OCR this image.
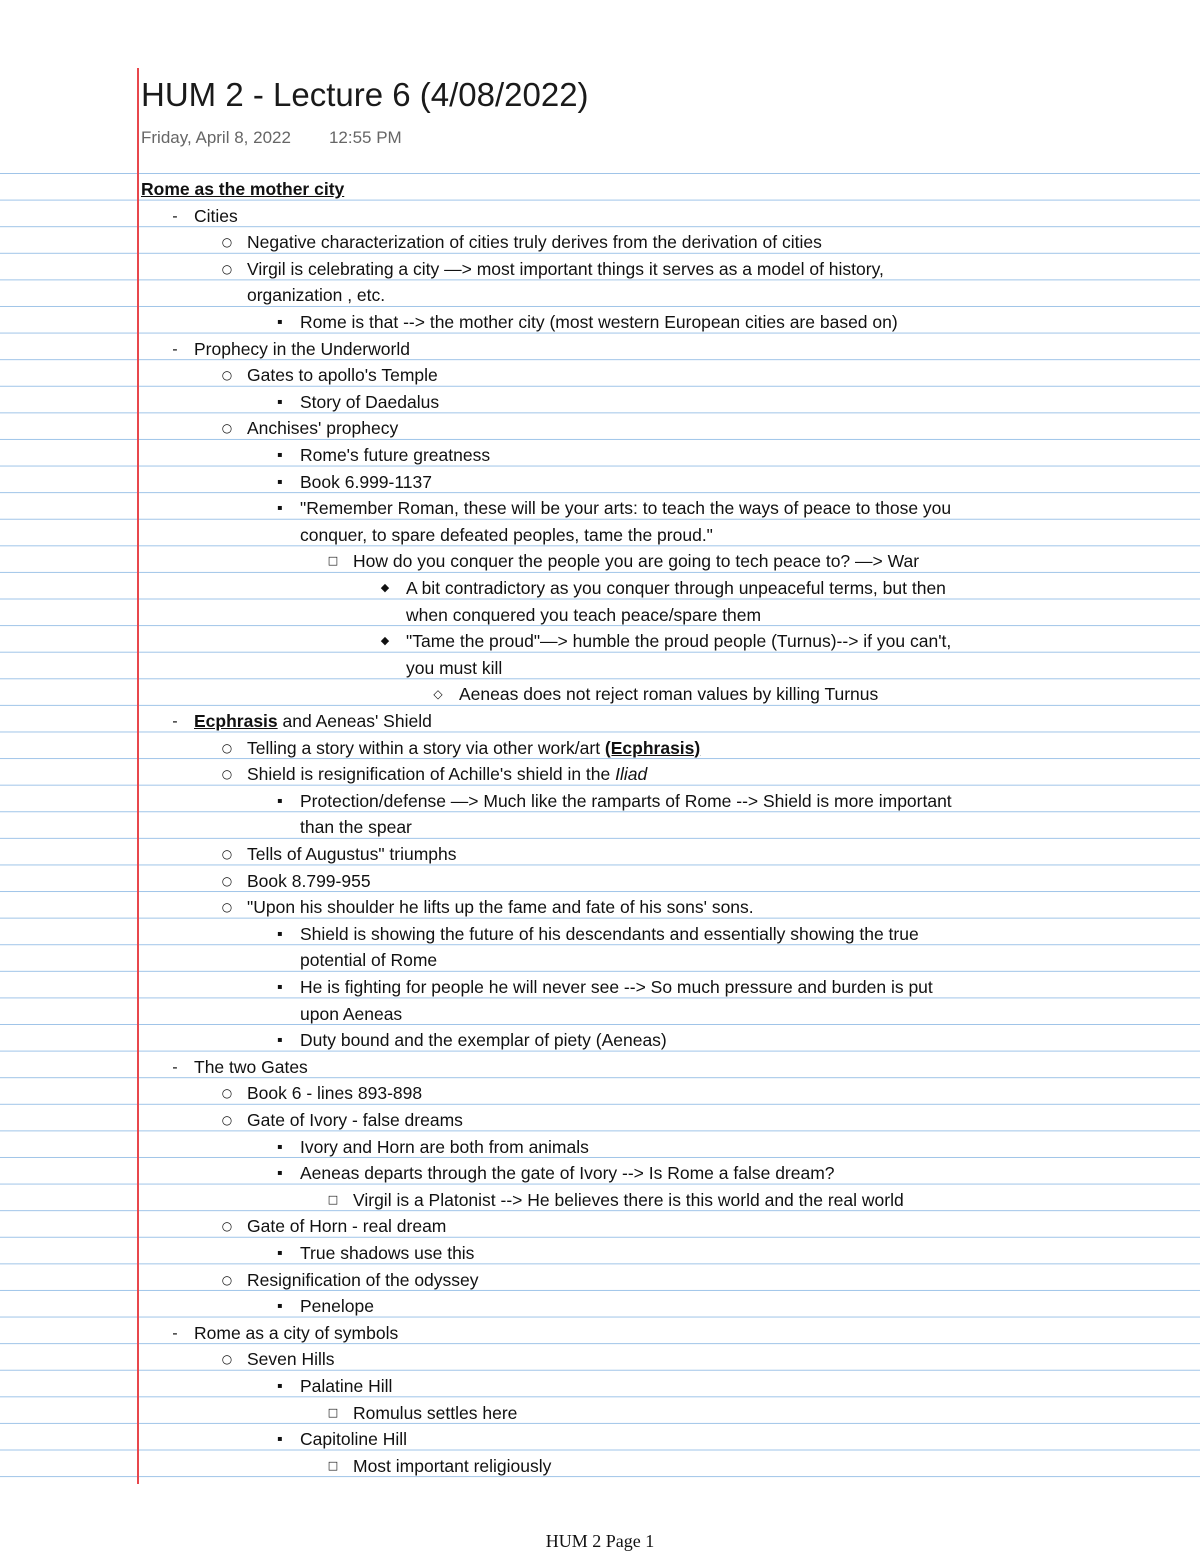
HUM 2 - Lecture 6 (4/08/2022)
Friday, April 8, 2022 12:55 PM
Rome as the mother city
- Cities
○ Negative characterization of cities truly derives from the derivation of cities
○ Virgil is celebrating a city —> most important things it serves as a model of history,
organization , etc.
▪ Rome is that --> the mother city (most western European cities are based on)
- Prophecy in the Underworld
○ Gates to apollo's Temple
▪ Story of Daedalus
○ Anchises' prophecy
▪ Rome's future greatness
▪ Book 6.999-1137
▪ "Remember Roman, these will be your arts: to teach the ways of peace to those you
conquer, to spare defeated peoples, tame the proud."
□ How do you conquer the people you are going to tech peace to? —> War
◆ A bit contradictory as you conquer through unpeaceful terms, but then
when conquered you teach peace/spare them
◆ "Tame the proud"—> humble the proud people (Turnus)--> if you can't,
you must kill
◇ Aeneas does not reject roman values by killing Turnus
- Ecphrasis and Aeneas' Shield
○ Telling a story within a story via other work/art (Ecphrasis)
○ Shield is resignification of Achille's shield in the Iliad
▪ Protection/defense —> Much like the ramparts of Rome --> Shield is more important
than the spear
○ Tells of Augustus" triumphs
○ Book 8.799-955
○ "Upon his shoulder he lifts up the fame and fate of his sons' sons.
▪ Shield is showing the future of his descendants and essentially showing the true
potential of Rome
▪ He is fighting for people he will never see --> So much pressure and burden is put
upon Aeneas
▪ Duty bound and the exemplar of piety (Aeneas)
- The two Gates
○ Book 6 - lines 893-898
○ Gate of Ivory - false dreams
▪ Ivory and Horn are both from animals
▪ Aeneas departs through the gate of Ivory --> Is Rome a false dream?
□ Virgil is a Platonist --> He believes there is this world and the real world
○ Gate of Horn - real dream
▪ True shadows use this
○ Resignification of the odyssey
▪ Penelope
- Rome as a city of symbols
○ Seven Hills
▪ Palatine Hill
□ Romulus settles here
▪ Capitoline Hill
□ Most important religiously
HUM 2 Page 1
